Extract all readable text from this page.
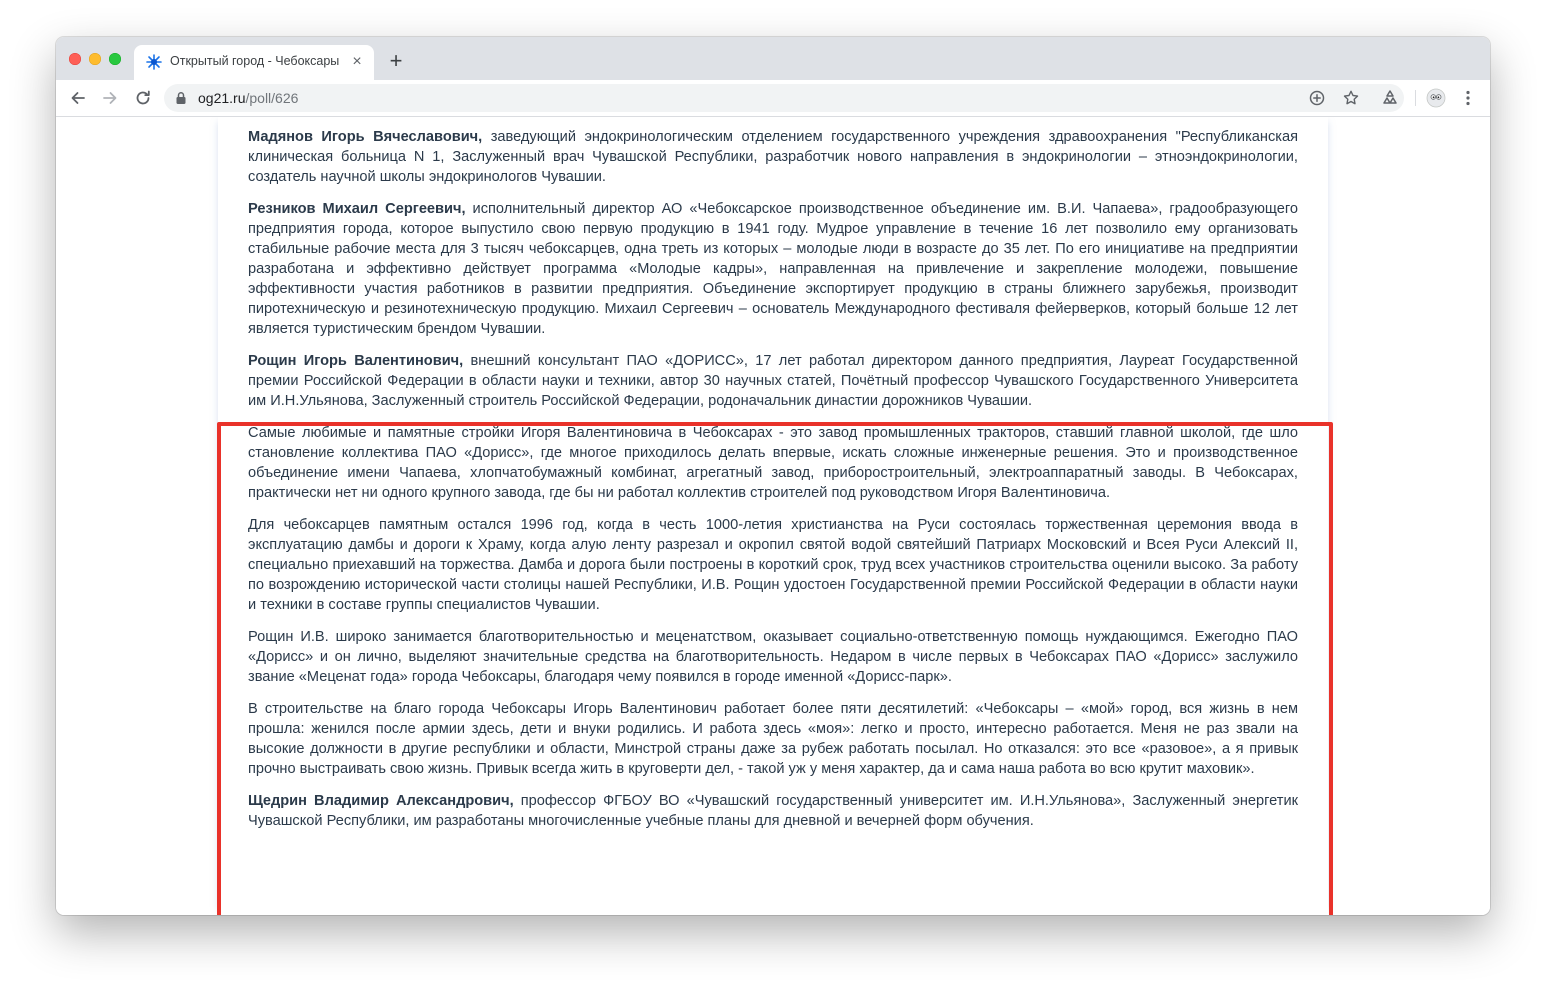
Открытый город - Чебоксары × +
og21.ru/poll/626

Мадянов Игорь Вячеславович, заведующий эндокринологическим отделением государственного учреждения здравоохранения "Республиканская клиническая больница N 1, Заслуженный врач Чувашской Республики, разработчик нового направления в эндокринологии – этноэндокринологии, создатель научной школы эндокринологов Чувашии.

Резников Михаил Сергеевич, исполнительный директор АО «Чебоксарское производственное объединение им. В.И. Чапаева», градообразующего предприятия города, которое выпустило свою первую продукцию в 1941 году. Мудрое управление в течение 16 лет позволило ему организовать стабильные рабочие места для 3 тысяч чебоксарцев, одна треть из которых – молодые люди в возрасте до 35 лет. По его инициативе на предприятии разработана и эффективно действует программа «Молодые кадры», направленная на привлечение и закрепление молодежи, повышение эффективности участия работников в развитии предприятия. Объединение экспортирует продукцию в страны ближнего зарубежья, производит пиротехническую и резинотехническую продукцию. Михаил Сергеевич – основатель Международного фестиваля фейерверков, который больше 12 лет является туристическим брендом Чувашии.

Рощин Игорь Валентинович, внешний консультант ПАО «ДОРИСС», 17 лет работал директором данного предприятия, Лауреат Государственной премии Российской Федерации в области науки и техники, автор 30 научных статей, Почётный профессор Чувашского Государственного Университета им И.Н.Ульянова, Заслуженный строитель Российской Федерации, родоначальник династии дорожников Чувашии.

Самые любимые и памятные стройки Игоря Валентиновича в Чебоксарах - это завод промышленных тракторов, ставший главной школой, где шло становление коллектива ПАО «Дорисс», где многое приходилось делать впервые, искать сложные инженерные решения. Это и производственное объединение имени Чапаева, хлопчатобумажный комбинат, агрегатный завод, приборостроительный, электроаппаратный заводы. В Чебоксарах, практически нет ни одного крупного завода, где бы ни работал коллектив строителей под руководством Игоря Валентиновича.

Для чебоксарцев памятным остался 1996 год, когда в честь 1000-летия христианства на Руси состоялась торжественная церемония ввода в эксплуатацию дамбы и дороги к Храму, когда алую ленту разрезал и окропил святой водой святейший Патриарх Московский и Всея Руси Алексий II, специально приехавший на торжества. Дамба и дорога были построены в короткий срок, труд всех участников строительства оценили высоко. За работу по возрождению исторической части столицы нашей Республики, И.В. Рощин удостоен Государственной премии Российской Федерации в области науки и техники в составе группы специалистов Чувашии.

Рощин И.В. широко занимается благотворительностью и меценатством, оказывает социально-ответственную помощь нуждающимся. Ежегодно ПАО «Дорисс» и он лично, выделяют значительные средства на благотворительность. Недаром в числе первых в Чебоксарах ПАО «Дорисс» заслужило звание «Меценат года» города Чебоксары, благодаря чему появился в городе именной «Дорисс-парк».

В строительстве на благо города Чебоксары Игорь Валентинович работает более пяти десятилетий: «Чебоксары – «мой» город, вся жизнь в нем прошла: женился после армии здесь, дети и внуки родились. И работа здесь «моя»: легко и просто, интересно работается. Меня не раз звали на высокие должности в другие республики и области, Минстрой страны даже за рубеж работать посылал. Но отказался: это все «разовое», а я привык прочно выстраивать свою жизнь. Привык всегда жить в круговерти дел, - такой уж у меня характер, да и сама наша работа во всю крутит маховик».

Щедрин Владимир Александрович, профессор ФГБОУ ВО «Чувашский государственный университет им. И.Н.Ульянова», Заслуженный энергетик Чувашской Республики, им разработаны многочисленные учебные планы для дневной и вечерней форм обучения.
